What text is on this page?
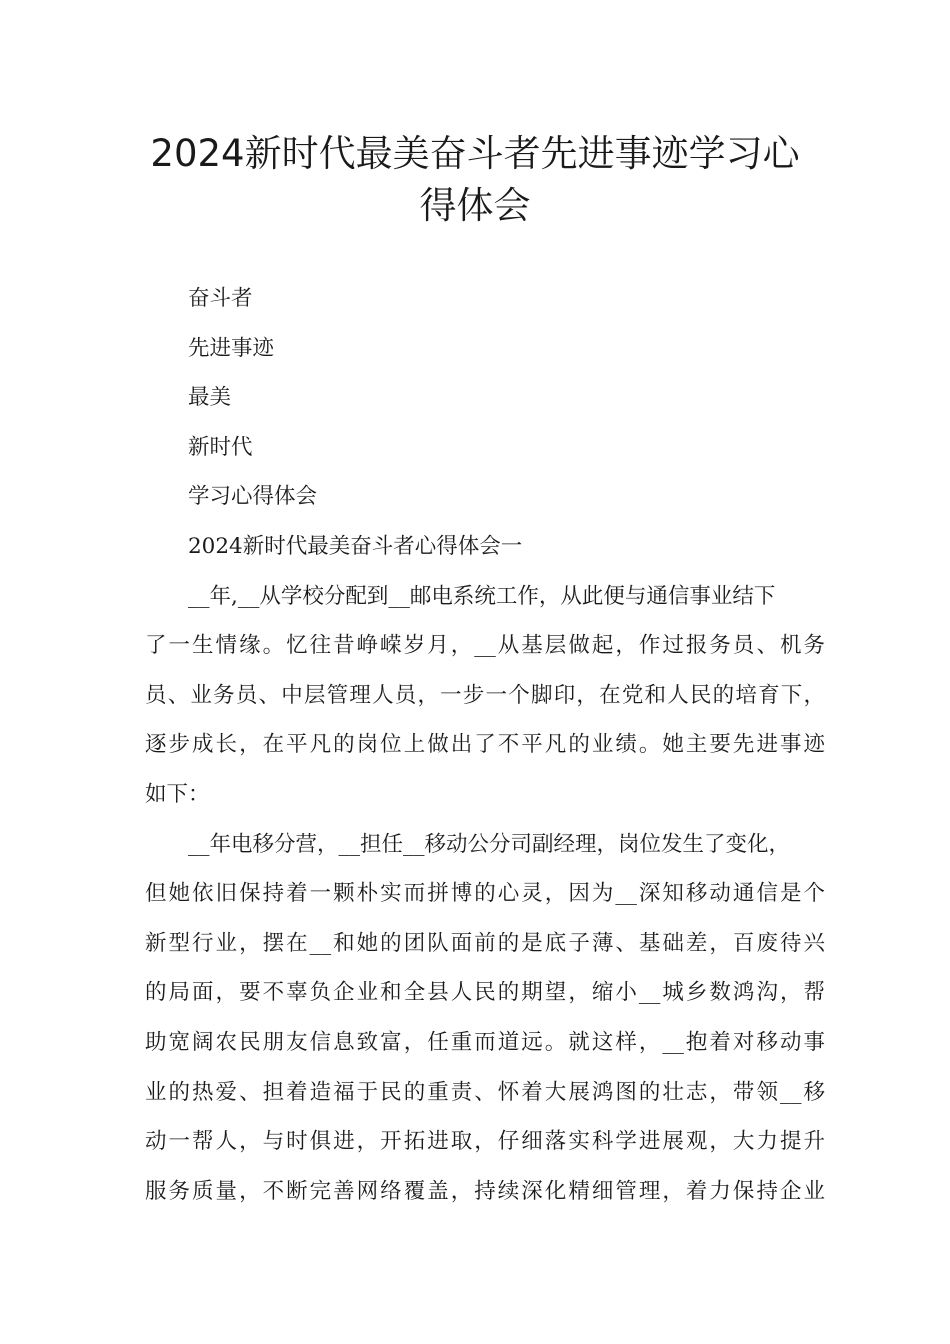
2024新时代最美奋斗者先进事迹学习心
得体会

奋斗者

先进事迹

最美

新时代

学习心得体会

2024新时代最美奋斗者心得体会一

__年,__从学校分配到__邮电系统工作，从此便与通信事业结下
了一生情缘。忆往昔峥嵘岁月，__从基层做起，作过报务员、机务
员、业务员、中层管理人员，一步一个脚印，在党和人民的培育下，
逐步成长，在平凡的岗位上做出了不平凡的业绩。她主要先进事迹
如下：
__年电移分营，__担任__移动公分司副经理，岗位发生了变化，
但她依旧保持着一颗朴实而拼博的心灵，因为__深知移动通信是个
新型行业，摆在__和她的团队面前的是底子薄、基础差，百废待兴
的局面，要不辜负企业和全县人民的期望，缩小__城乡数鸿沟，帮
助宽阔农民朋友信息致富，任重而道远。就这样，__抱着对移动事
业的热爱、担着造福于民的重责、怀着大展鸿图的壮志，带领__移
动一帮人，与时俱进，开拓进取，仔细落实科学进展观，大力提升
服务质量，不断完善网络覆盖，持续深化精细管理，着力保持企业
